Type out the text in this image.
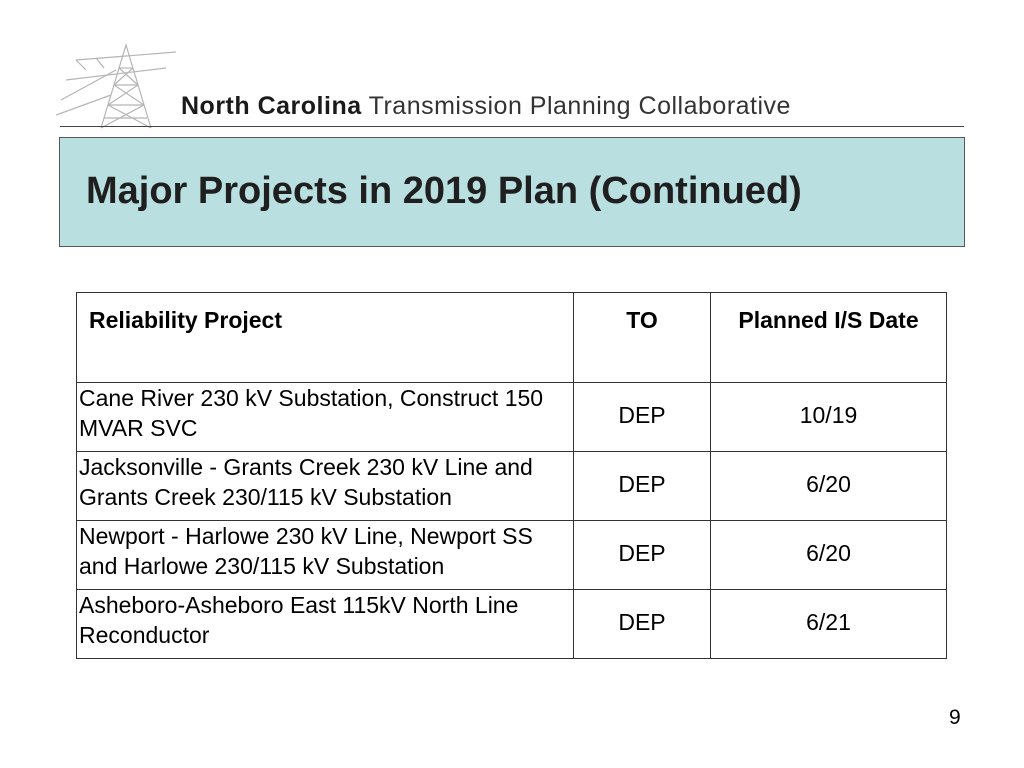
North Carolina Transmission Planning Collaborative
Major Projects in 2019 Plan (Continued)
Reliability Project	TO	Planned I/S Date
Cane River 230 kV Substation, Construct 150 MVAR SVC	DEP	10/19
Jacksonville - Grants Creek 230 kV Line and Grants Creek 230/115 kV Substation	DEP	6/20
Newport - Harlowe 230 kV Line, Newport SS and Harlowe 230/115 kV Substation	DEP	6/20
Asheboro-Asheboro East 115kV North Line Reconductor	DEP	6/21
9
